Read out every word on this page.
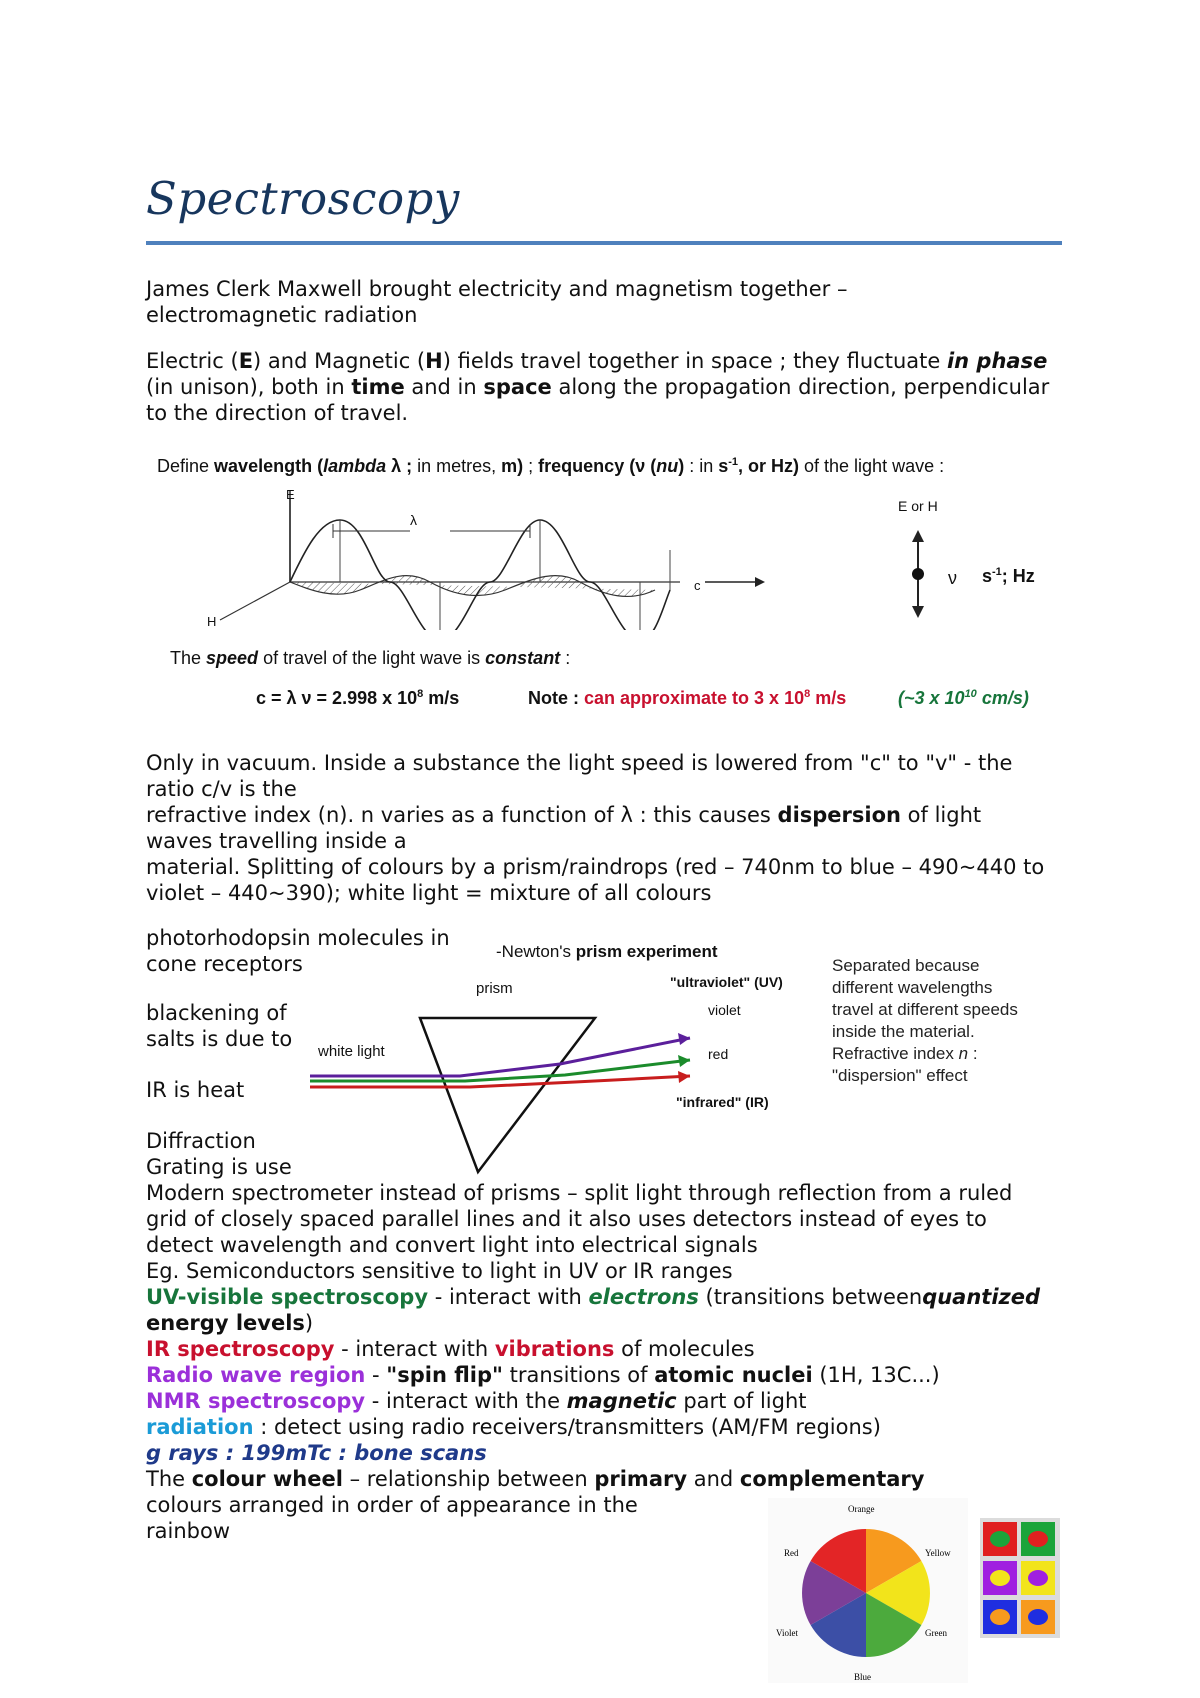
Spectroscopy
James Clerk Maxwell brought electricity and magnetism together – electromagnetic radiation
Electric (E) and Magnetic (H) fields travel together in space ; they fluctuate in phase (in unison), both in time and in space along the propagation direction, perpendicular to the direction of travel.
Define wavelength (lambda λ ; in metres, m) ; frequency (ν (nu) : in $s^{-1}$, or Hz) of the light wave :
E
H
λ
c
E or H
ν $s^{-1}$; Hz
The speed of travel of the light wave is constant :
c = λ ν = 2.998 x $10^8$ m/s	Note : can approximate to 3 x $10^8$ m/s	(~3 x $10^{10}$ cm/s)
Only in vacuum. Inside a substance the light speed is lowered from "c" to "v" - the ratio c/v is the
refractive index (n). n varies as a function of λ : this causes dispersion of light waves travelling inside a
material. Splitting of colours by a prism/raindrops (red – 740nm to blue – 490~440 to violet – 440~390); white light = mixture of all colours
photorhodopsin molecules in cone receptors
blackening of salts is due to
IR is heat
Diffraction Grating is use
-Newton's prism experiment
prism
white light
"ultraviolet" (UV)
violet
red
"infrared" (IR)
Separated because
different wavelengths
travel at different speeds
inside the material.
Refractive index n :
"dispersion" effect
Modern spectrometer instead of prisms – split light through reflection from a ruled grid of closely spaced parallel lines and it also uses detectors instead of eyes to detect wavelength and convert light into electrical signals
Eg. Semiconductors sensitive to light in UV or IR ranges
UV-visible spectroscopy - interact with electrons (transitions betweenquantized energy levels)
IR spectroscopy - interact with vibrations of molecules
Radio wave region - "spin flip" transitions of atomic nuclei (1H, 13C...)
NMR spectroscopy - interact with the magnetic part of light
radiation : detect using radio receivers/transmitters (AM/FM regions)
g rays : 199mTc : bone scans
The colour wheel – relationship between primary and complementary
colours arranged in order of appearance in the rainbow
Orange
Yellow
Green
Blue
Violet
Red
